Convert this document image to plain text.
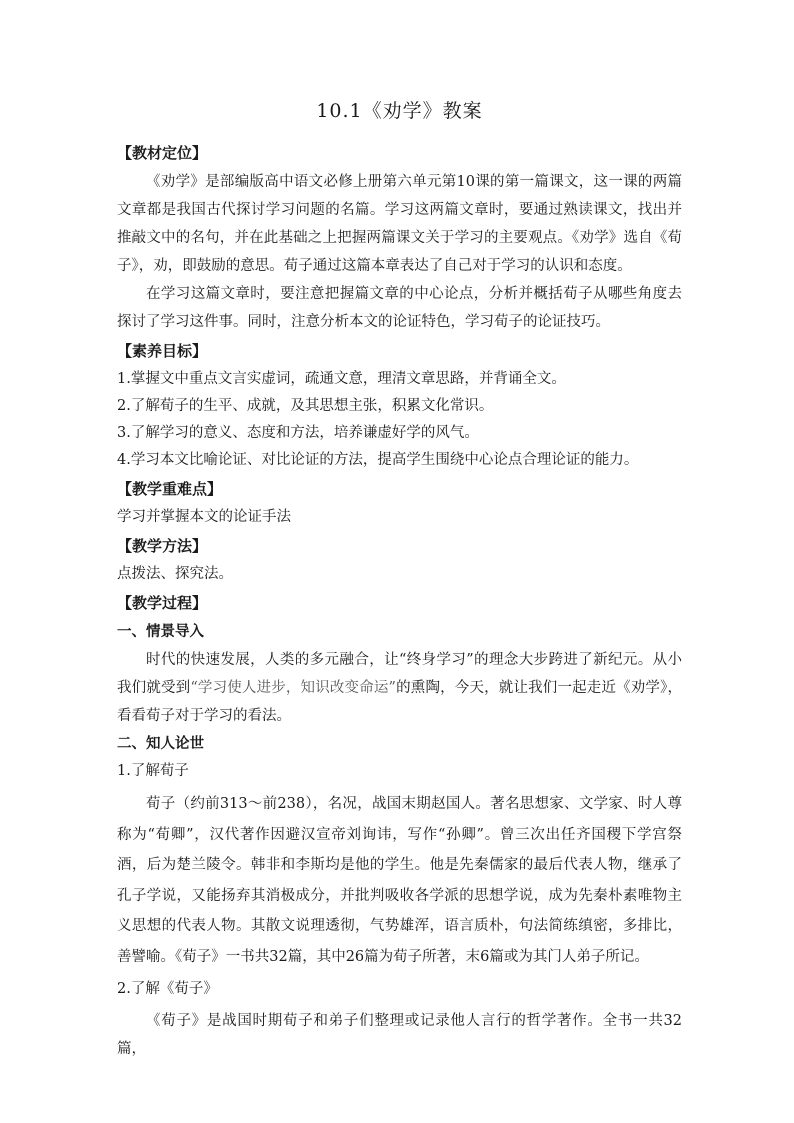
10.1《劝学》教案
【教材定位】

《劝学》是部编版高中语文必修上册第六单元第10课的第一篇课文，这一课的两篇文章都是我国古代探讨学习问题的名篇。学习这两篇文章时，要通过熟读课文，找出并推敲文中的名句，并在此基础之上把握两篇课文关于学习的主要观点。《劝学》选自《荀子》，劝，即鼓励的意思。荀子通过这篇本章表达了自己对于学习的认识和态度。

在学习这篇文章时，要注意把握篇文章的中心论点，分析并概括荀子从哪些角度去探讨了学习这件事。同时，注意分析本文的论证特色，学习荀子的论证技巧。

【素养目标】

1.掌握文中重点文言实虚词，疏通文意，理清文章思路，并背诵全文。

2.了解荀子的生平、成就，及其思想主张，积累文化常识。

3.了解学习的意义、态度和方法，培养谦虚好学的风气。

4.学习本文比喻论证、对比论证的方法，提高学生围绕中心论点合理论证的能力。

【教学重难点】

学习并掌握本文的论证手法

【教学方法】

点拨法、探究法。

【教学过程】

一、情景导入

时代的快速发展，人类的多元融合，让“终身学习”的理念大步跨进了新纪元。从小我们就受到“学习使人进步，知识改变命运”的熏陶，今天，就让我们一起走近《劝学》，看看荀子对于学习的看法。

二、知人论世

1.了解荀子

荀子（约前313～前238），名况，战国末期赵国人。著名思想家、文学家、时人尊称为“荀卿”，汉代著作因避汉宣帝刘询讳，写作“孙卿”。曾三次出任齐国稷下学宫祭酒，后为楚兰陵令。韩非和李斯均是他的学生。他是先秦儒家的最后代表人物，继承了孔子学说，又能扬弃其消极成分，并批判吸收各学派的思想学说，成为先秦朴素唯物主义思想的代表人物。其散文说理透彻，气势雄浑，语言质朴，句法简练缜密，多排比，善譬喻。《荀子》一书共32篇，其中26篇为荀子所著，末6篇或为其门人弟子所记。

2.了解《荀子》

《荀子》是战国时期荀子和弟子们整理或记录他人言行的哲学著作。全书一共32篇，
